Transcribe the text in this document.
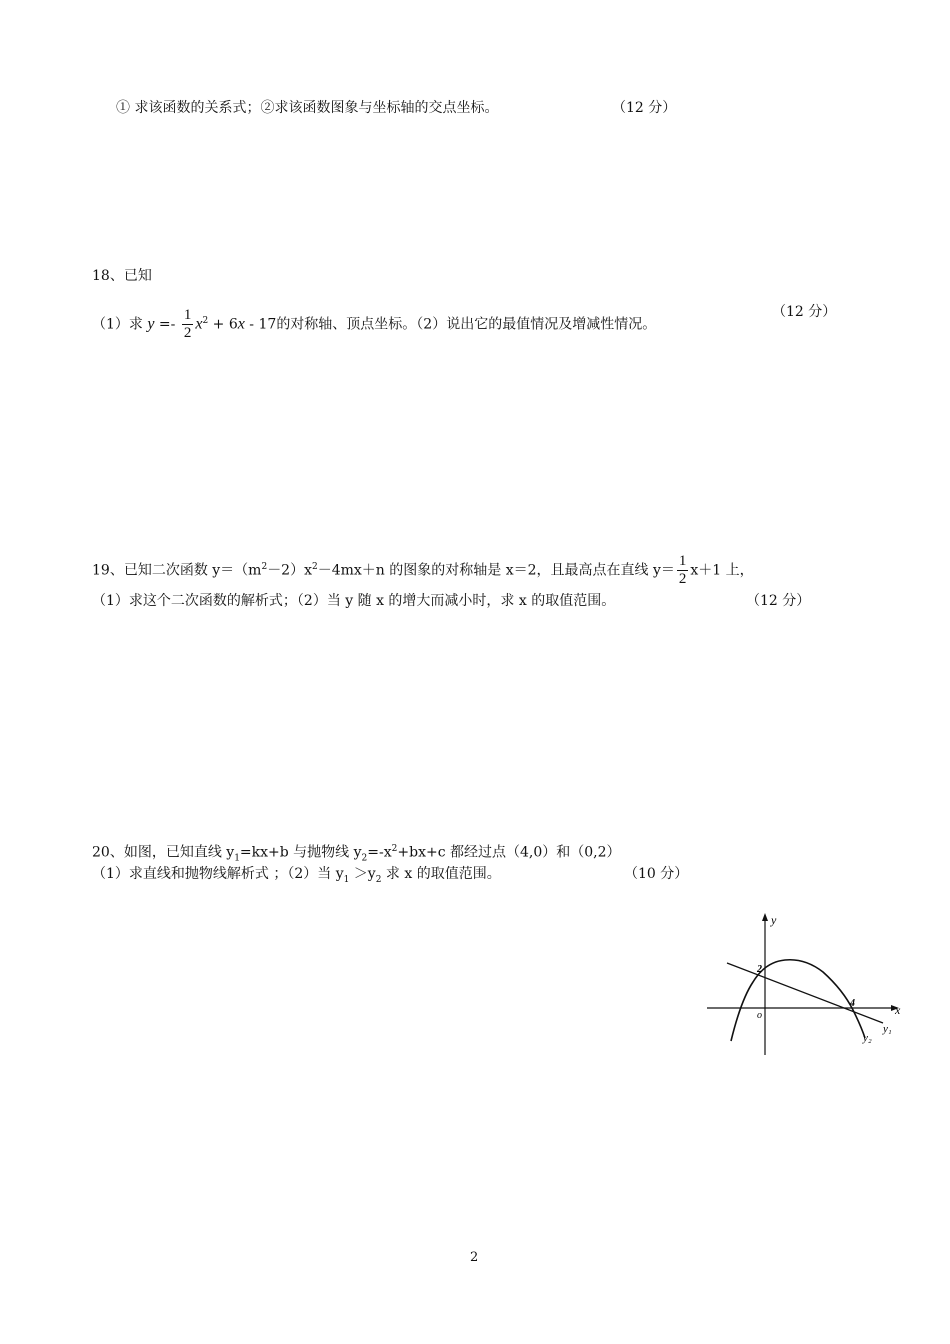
① 求该函数的关系式；②求该函数图象与坐标轴的交点坐标。	（12 分）
18、已知
（1）求 $y =- \frac{1}{2} x^2 + 6x - 17$的对称轴、顶点坐标。（2）说出它的最值情况及增减性情况。
（12 分）
19、已知二次函数 $y=(m^2-2)x^2-4mx+n$ 的图象的对称轴是 x＝2，且最高点在直线 $y= \frac{1}{2} x+1$ 上，
（1）求这个二次函数的解析式；（2）当 y 随 x 的增大而减小时，求 x 的取值范围。	（12 分）
20、如图，已知直线 $y_1=kx+b$ 与抛物线 $y_2=-x^2+bx+c$ 都经过点（4,0）和（0,2）
（1）求直线和抛物线解析式 ；（2）当 $y_1 >y_2$ 求 x 的取值范围。	（10 分）
y
x
o
2
4
y₁
y₂
2
